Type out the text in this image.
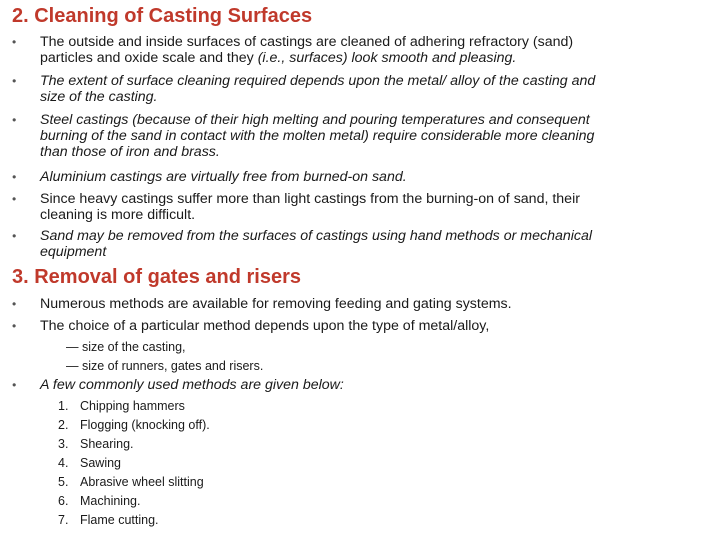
2. Cleaning of Casting Surfaces
• The outside and inside surfaces of castings are cleaned of adhering refractory (sand)
particles and oxide scale and they (i.e., surfaces) look smooth and pleasing.
• The extent of surface cleaning required depends upon the metal/ alloy of the casting and
size of the casting.
• Steel castings (because of their high melting and pouring temperatures and consequent
burning of the sand in contact with the molten metal) require considerable more cleaning
than those of iron and brass.
• Aluminium castings are virtually free from burned-on sand.
• Since heavy castings suffer more than light castings from the burning-on of sand, their
cleaning is more difficult.
• Sand may be removed from the surfaces of castings using hand methods or mechanical
equipment
3. Removal of gates and risers
• Numerous methods are available for removing feeding and gating systems.
• The choice of a particular method depends upon the type of metal/alloy,
— size of the casting,
— size of runners, gates and risers.
• A few commonly used methods are given below:
1. Chipping hammers
2. Flogging (knocking off).
3. Shearing.
4. Sawing
5. Abrasive wheel slitting
6. Machining.
7. Flame cutting.
